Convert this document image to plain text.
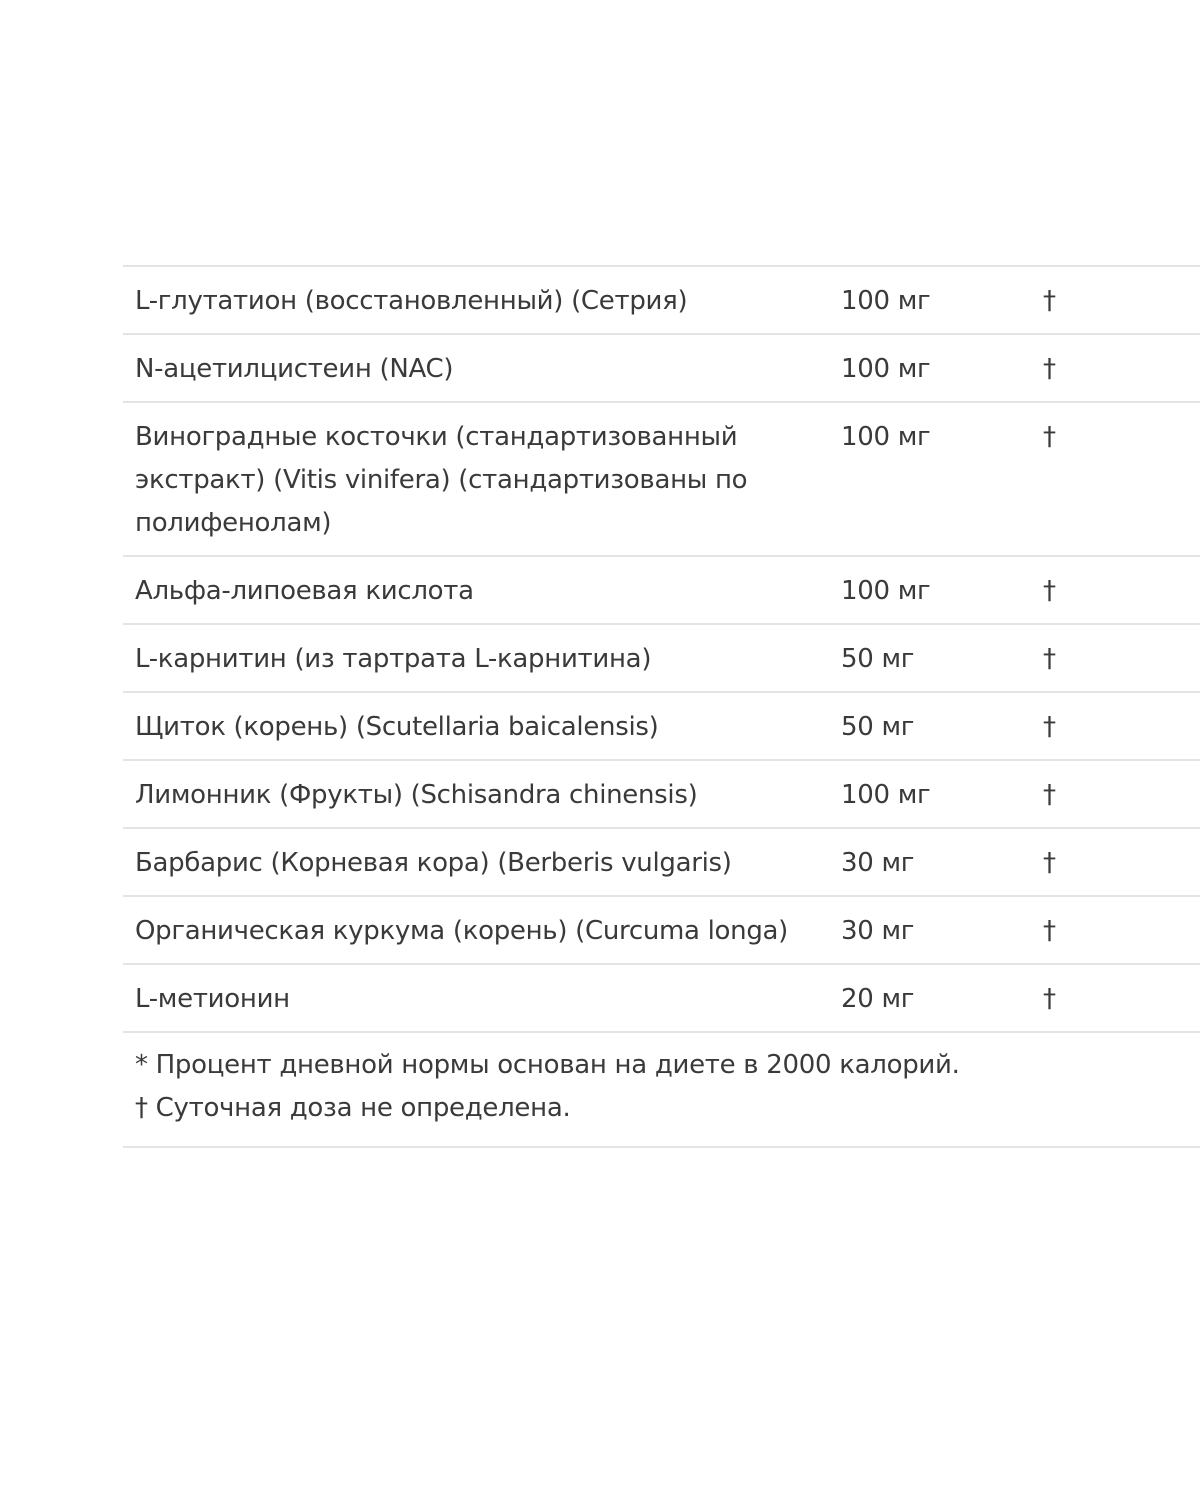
L-глутатион (восстановленный) (Сетрия)	100 мг	†

N-ацетилцистеин (NAC)	100 мг	†

Виноградные косточки (стандартизованный экстракт) (Vitis vinifera) (стандартизованы по полифенолам)	100 мг	†

Альфа-липоевая кислота	100 мг	†

L-карнитин (из тартрата L-карнитина)	50 мг	†

Щиток (корень) (Scutellaria baicalensis)	50 мг	†

Лимонник (Фрукты) (Schisandra chinensis)	100 мг	†

Барбарис (Корневая кора) (Berberis vulgaris)	30 мг	†

Органическая куркума (корень) (Curcuma longa)	30 мг	†

L-метионин	20 мг	†

* Процент дневной нормы основан на диете в 2000 калорий.
† Суточная доза не определена.		
